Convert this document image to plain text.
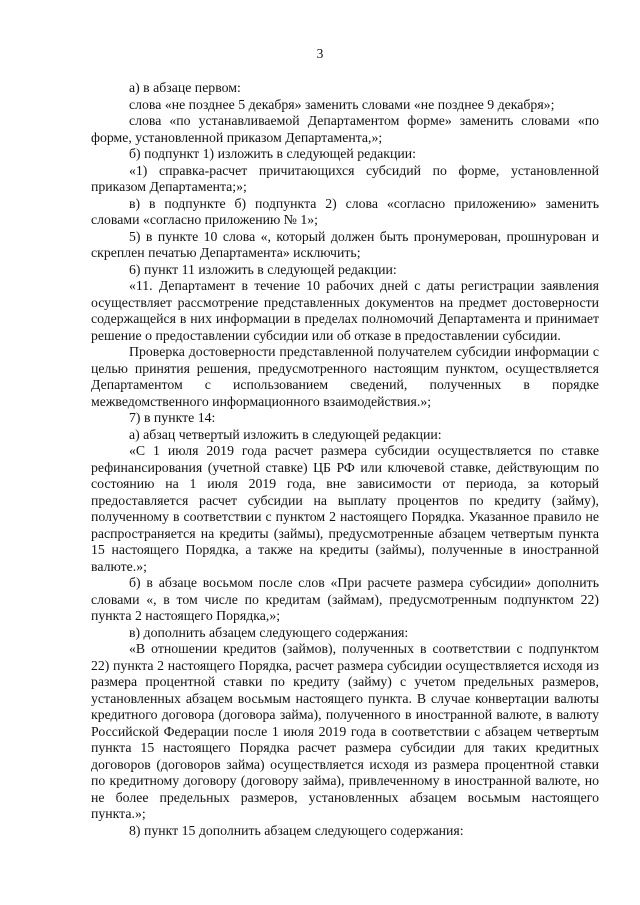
3

а) в абзаце первом:

слова «не позднее 5 декабря» заменить словами «не позднее 9 декабря»;

слова «по устанавливаемой Департаментом форме» заменить словами «по форме, установленной приказом Департамента,»;

б) подпункт 1) изложить в следующей редакции:

«1) справка-расчет причитающихся субсидий по форме, установленной приказом Департамента;»;

в) в подпункте б) подпункта 2) слова «согласно приложению» заменить словами «согласно приложению № 1»;

5) в пункте 10 слова «, который должен быть пронумерован, прошнурован и скреплен печатью Департамента» исключить;

6) пункт 11 изложить в следующей редакции:

«11. Департамент в течение 10 рабочих дней с даты регистрации заявления осуществляет рассмотрение представленных документов на предмет достоверности содержащейся в них информации в пределах полномочий Департамента и принимает решение о предоставлении субсидии или об отказе в предоставлении субсидии.

Проверка достоверности представленной получателем субсидии информации с целью принятия решения, предусмотренного настоящим пунктом, осуществляется Департаментом с использованием сведений, полученных в порядке межведомственного информационного взаимодействия.»;

7) в пункте 14:

а) абзац четвертый изложить в следующей редакции:

«С 1 июля 2019 года расчет размера субсидии осуществляется по ставке рефинансирования (учетной ставке) ЦБ РФ или ключевой ставке, действующим по состоянию на 1 июля 2019 года, вне зависимости от периода, за который предоставляется расчет субсидии на выплату процентов по кредиту (займу), полученному в соответствии с пунктом 2 настоящего Порядка. Указанное правило не распространяется на кредиты (займы), предусмотренные абзацем четвертым пункта 15 настоящего Порядка, а также на кредиты (займы), полученные в иностранной валюте.»;

б) в абзаце восьмом после слов «При расчете размера субсидии» дополнить словами «, в том числе по кредитам (займам), предусмотренным подпунктом 22) пункта 2 настоящего Порядка,»;

в) дополнить абзацем следующего содержания:

«В отношении кредитов (займов), полученных в соответствии с подпунктом 22) пункта 2 настоящего Порядка, расчет размера субсидии осуществляется исходя из размера процентной ставки по кредиту (займу) с учетом предельных размеров, установленных абзацем восьмым настоящего пункта. В случае конвертации валюты кредитного договора (договора займа), полученного в иностранной валюте, в валюту Российской Федерации после 1 июля 2019 года в соответствии с абзацем четвертым пункта 15 настоящего Порядка расчет размера субсидии для таких кредитных договоров (договоров займа) осуществляется исходя из размера процентной ставки по кредитному договору (договору займа), привлеченному в иностранной валюте, но не более предельных размеров, установленных абзацем восьмым настоящего пункта.»;

8) пункт 15 дополнить абзацем следующего содержания:
